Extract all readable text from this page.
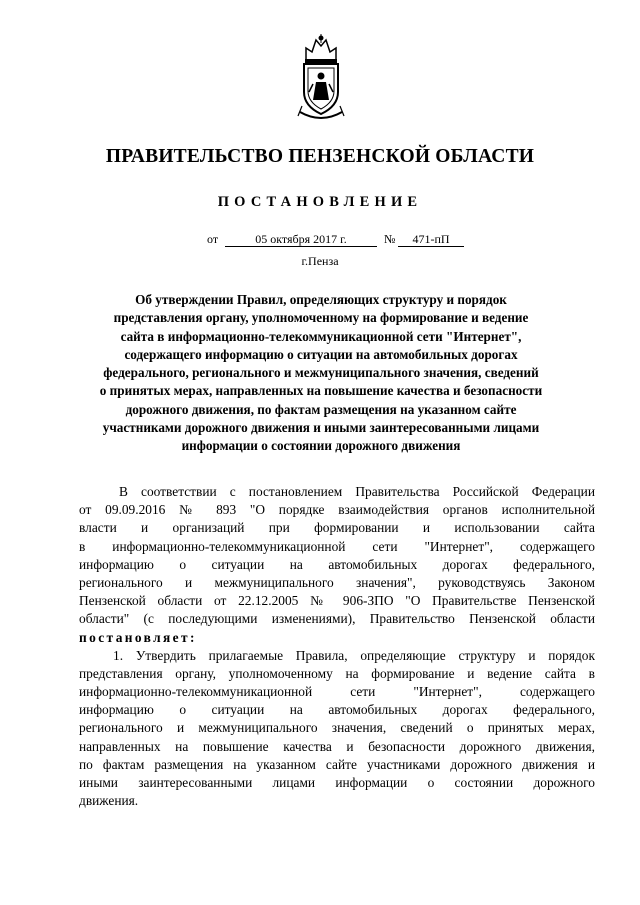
ПРАВИТЕЛЬСТВО ПЕНЗЕНСКОЙ ОБЛАСТИ
ПОСТАНОВЛЕНИЕ
от	05 октября 2017 г.	№	471-пП
г.Пенза
Об утверждении Правил, определяющих структуру и порядок
представления органу, уполномоченному на формирование и ведение
сайта в информационно-телекоммуникационной сети "Интернет",
содержащего информацию о ситуации на автомобильных дорогах
федерального, регионального и межмуниципального значения, сведений
о принятых мерах, направленных на повышение качества и безопасности
дорожного движения, по фактам размещения на указанном сайте
участниками дорожного движения и иными заинтересованными лицами
информации о состоянии дорожного движения
В соответствии с постановлением Правительства Российской Федерации
от 09.09.2016 № 893 "О порядке взаимодействия органов исполнительной
власти и организаций при формировании и использовании сайта
в информационно-телекоммуникационной сети "Интернет", содержащего
информацию о ситуации на автомобильных дорогах федерального,
регионального и межмуниципального значения", руководствуясь Законом
Пензенской области от 22.12.2005 № 906-ЗПО "О Правительстве Пензенской
области" (с последующими изменениями), Правительство Пензенской области
постановляет:
1. Утвердить прилагаемые Правила, определяющие структуру и порядок
представления органу, уполномоченному на формирование и ведение сайта в
информационно-телекоммуникационной сети "Интернет", содержащего
информацию о ситуации на автомобильных дорогах федерального,
регионального и межмуниципального значения, сведений о принятых мерах,
направленных на повышение качества и безопасности дорожного движения,
по фактам размещения на указанном сайте участниками дорожного движения и
иными заинтересованными лицами информации о состоянии дорожного
движения.
